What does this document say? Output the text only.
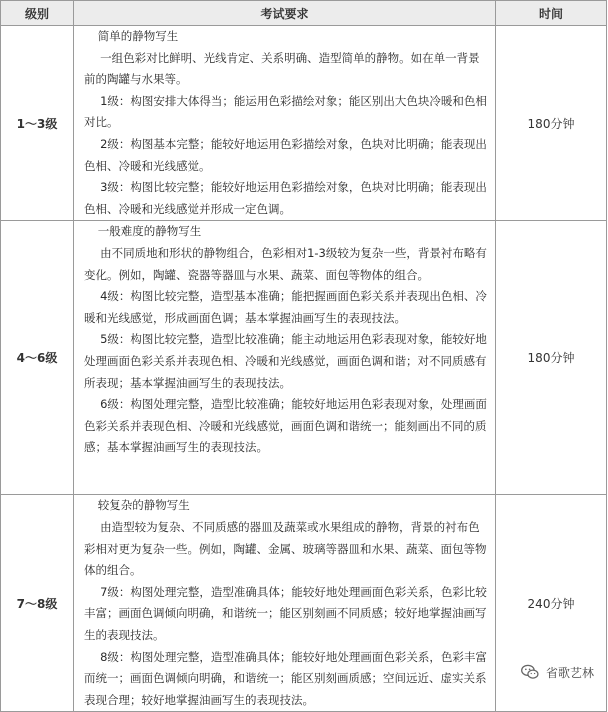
级别	考试要求	时间
1～3级	简单的静物写生

一组色彩对比鲜明、光线肯定、关系明确、造型简单的静物。如在单一背景前的陶罐与水果等。

1级：构图安排大体得当；能运用色彩描绘对象；能区别出大色块冷暖和色相对比。

2级：构图基本完整；能较好地运用色彩描绘对象，色块对比明确；能表现出色相、冷暖和光线感觉。

3级：构图比较完整；能较好地运用色彩描绘对象，色块对比明确；能表现出色相、冷暖和光线感觉并形成一定色调。	180分钟
4～6级	一般难度的静物写生

由不同质地和形状的静物组合，色彩相对1-3级较为复杂一些，背景衬布略有变化。例如，陶罐、瓷器等器皿与水果、蔬菜、面包等物体的组合。

4级：构图比较完整，造型基本准确；能把握画面色彩关系并表现出色相、冷暖和光线感觉，形成画面色调；基本掌握油画写生的表现技法。

5级：构图比较完整，造型比较准确；能主动地运用色彩表现对象，能较好地处理画面色彩关系并表现色相、冷暖和光线感觉，画面色调和谐；对不同质感有所表现；基本掌握油画写生的表现技法。

6级：构图处理完整，造型比较准确；能较好地运用色彩表现对象，处理画面色彩关系并表现色相、冷暖和光线感觉，画面色调和谐统一；能刻画出不同的质感；基本掌握油画写生的表现技法。	180分钟
7～8级	较复杂的静物写生

由造型较为复杂、不同质感的器皿及蔬菜或水果组成的静物，背景的衬布色彩相对更为复杂一些。例如，陶罐、金属、玻璃等器皿和水果、蔬菜、面包等物体的组合。

7级：构图处理完整，造型准确具体；能较好地处理画面色彩关系，色彩比较丰富；画面色调倾向明确，和谐统一；能区别刻画不同质感；较好地掌握油画写生的表现技法。

8级：构图处理完整，造型准确具体；能较好地处理画面色彩关系，色彩丰富而统一；画面色调倾向明确，和谐统一；能区别刻画质感；空间远近、虚实关系表现合理；较好地掌握油画写生的表现技法。	240分钟
省歌艺林
